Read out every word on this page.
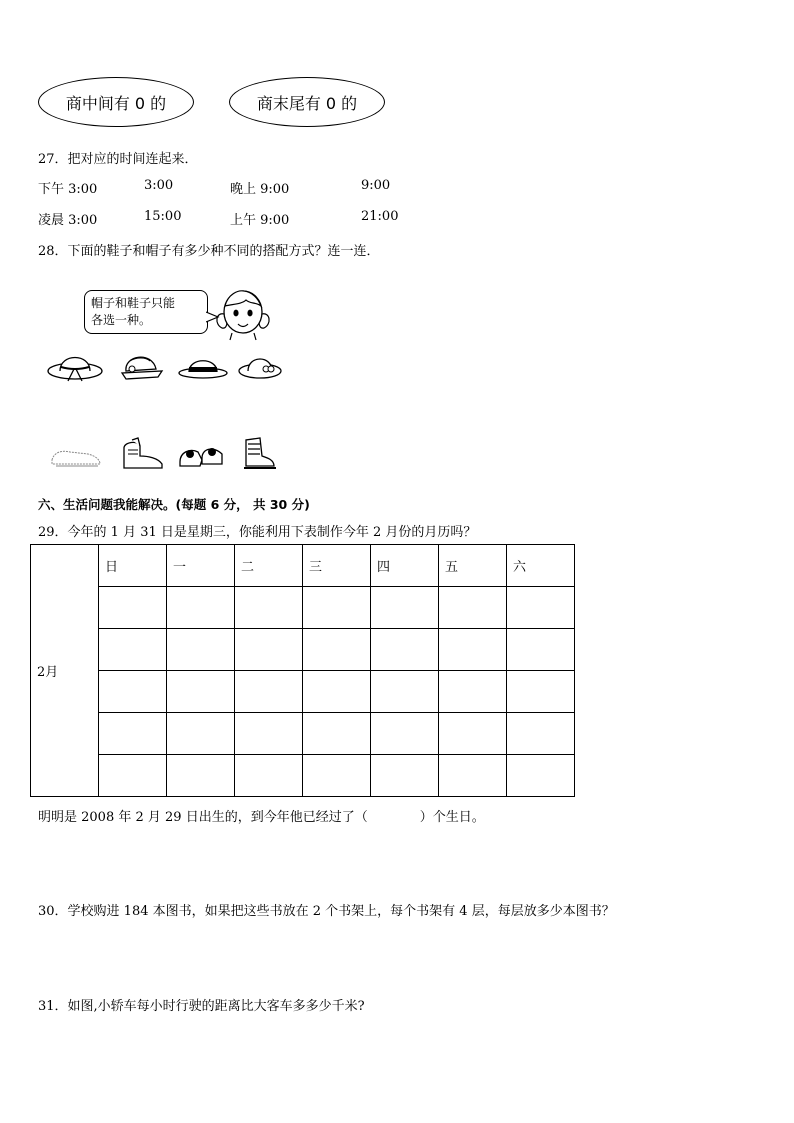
商中间有 0 的	商末尾有 0 的
27．把对应的时间连起来．
下午 3:00	3:00	晚上 9:00	9:00
凌晨 3:00	15:00	上午 9:00	21:00
28．下面的鞋子和帽子有多少种不同的搭配方式？连一连．
帽子和鞋子只能
各选一种。
六、生活问题我能解决。(每题 6 分， 共 30 分)
29．今年的 1 月 31 日是星期三，你能利用下表制作今年 2 月份的月历吗？
2月	日	一	二	三	四	五	六

明明是 2008 年 2 月 29 日出生的，到今年他已经过了（　　　　）个生日。
30．学校购进 184 本图书，如果把这些书放在 2 个书架上，每个书架有 4 层，每层放多少本图书？
31．如图,小轿车每小时行驶的距离比大客车多多少千米?
